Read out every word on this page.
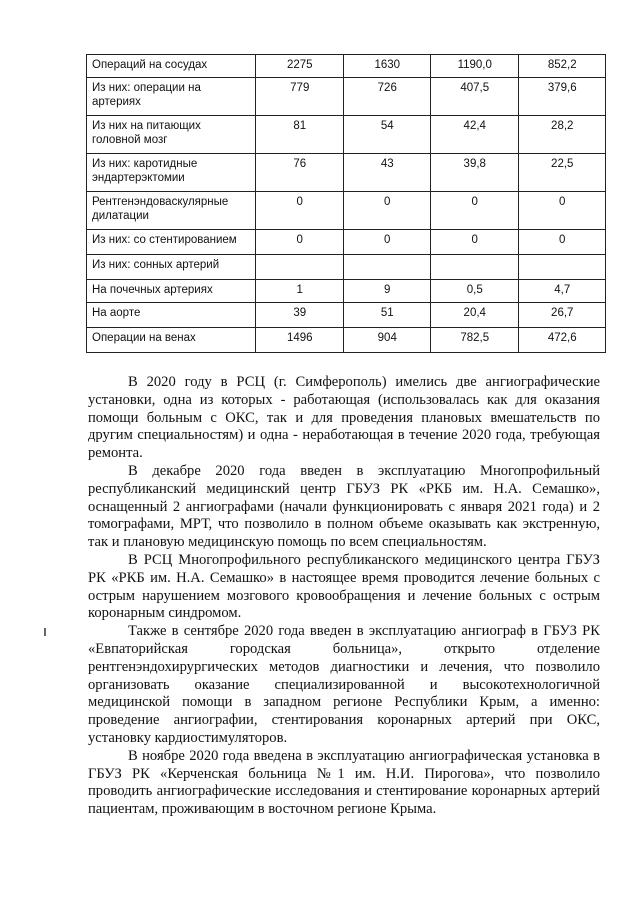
Операций на сосудах	2275	1630	1190,0	852,2
Из них: операции на артериях	779	726	407,5	379,6
Из них на питающих головной мозг	81	54	42,4	28,2
Из них: каротидные эндартерэктомии	76	43	39,8	22,5
Рентгенэндоваскулярные дилатации	0	0	0	0
Из них: со стентированием	0	0	0	0
Из них: сонных артерий				
На почечных артериях	1	9	0,5	4,7
На аорте	39	51	20,4	26,7
Операции на венах	1496	904	782,5	472,6

В 2020 году в РСЦ (г. Симферополь) имелись две ангиографические установки, одна из которых - работающая (использовалась как для оказания помощи больным с ОКС, так и для проведения плановых вмешательств по другим специальностям) и одна - неработающая в течение 2020 года, требующая ремонта.

В декабре 2020 года введен в эксплуатацию Многопрофильный республиканский медицинский центр ГБУЗ РК «РКБ им. Н.А. Семашко», оснащенный 2 ангиографами (начали функционировать с января 2021 года) и 2 томографами, МРТ, что позволило в полном объеме оказывать как экстренную, так и плановую медицинскую помощь по всем специальностям.

В РСЦ Многопрофильного республиканского медицинского центра ГБУЗ РК «РКБ им. Н.А. Семашко» в настоящее время проводится лечение больных с острым нарушением мозгового кровообращения и лечение больных с острым коронарным синдромом.

Также в сентябре 2020 года введен в эксплуатацию ангиограф в ГБУЗ РК «Евпаторийская городская больница», открыто отделение рентгенэндохирургических методов диагностики и лечения, что позволило организовать оказание специализированной и высокотехнологичной медицинской помощи в западном регионе Республики Крым, а именно: проведение ангиографии, стентирования коронарных артерий при ОКС, установку кардиостимуляторов.

В ноябре 2020 года введена в эксплуатацию ангиографическая установка в ГБУЗ РК «Керченская больница №1 им. Н.И. Пирогова», что позволило проводить ангиографические исследования и стентирование коронарных артерий пациентам, проживающим в восточном регионе Крыма.
